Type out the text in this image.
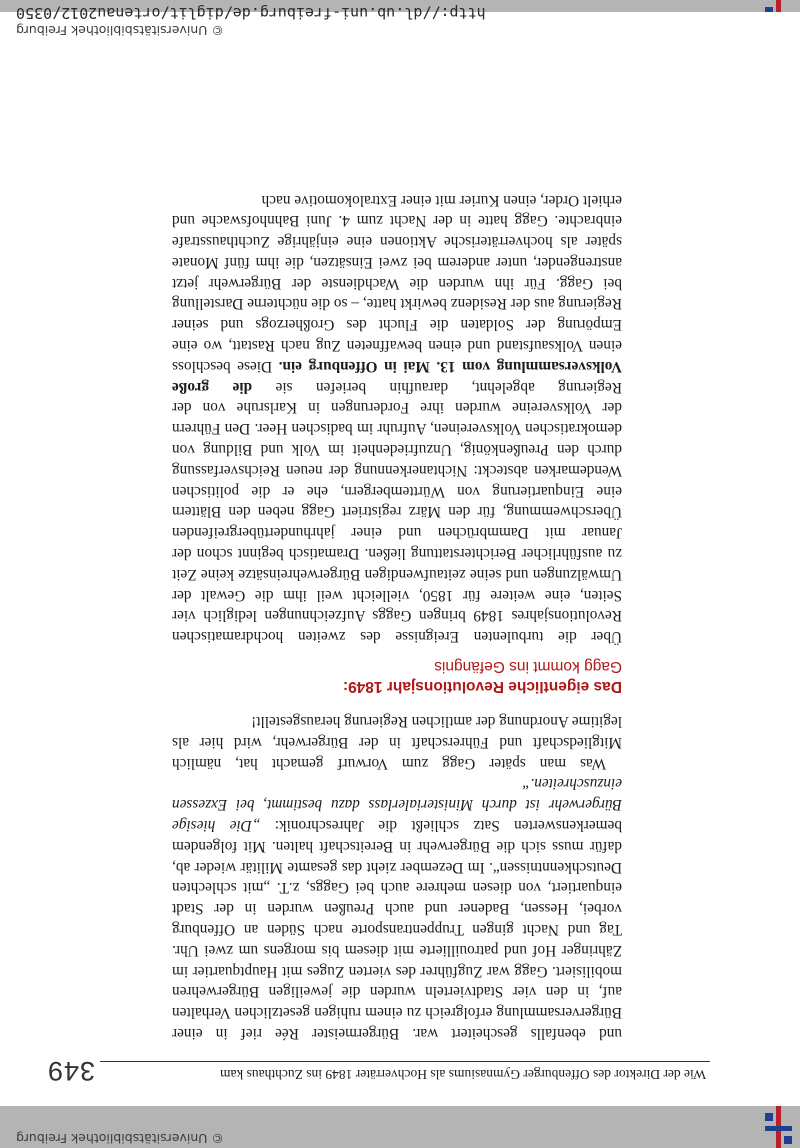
© Universitätsbibliothek Freiburg
Wie der Direktor des Offenburger Gymnasiums als Hochverräter 1849 ins Zuchthaus kam
349

und ebenfalls gescheitert war. Bürgermeister Rée rief in einer Bürgerversammlung erfolgreich zu einem ruhigen gesetzlichen Verhalten auf, in den vier Stadtvierteln wurden die jeweiligen Bürgerwehren mobilisiert. Gagg war Zugführer des vierten Zuges mit Hauptquartier im Zähringer Hof und patrouillierte mit diesem bis morgens um zwei Uhr. Tag und Nacht gingen Truppentransporte nach Süden an Offenburg vorbei, Hessen, Badener und auch Preußen wurden in der Stadt einquartiert, von diesen mehrere auch bei Gaggs, z.T. „mit schlechten Deutschkenntnissen“. Im Dezember zieht das gesamte Militär wieder ab, dafür muss sich die Bürgerwehr in Bereitschaft halten. Mit folgendem bemerkenswerten Satz schließt die Jahreschronik: „Die hiesige Bürgerwehr ist durch Ministerialerlass dazu bestimmt, bei Exzessen einzuschreiten.“

Was man später Gagg zum Vorwurf gemacht hat, nämlich Mitgliedschaft und Führerschaft in der Bürgerwehr, wird hier als legitime Anordnung der amtlichen Regierung herausgestellt!

Das eigentliche Revolutionsjahr 1849:
Gagg kommt ins Gefängnis

Über die turbulenten Ereignisse des zweiten hochdramatischen Revolutionsjahres 1849 bringen Gaggs Aufzeichnungen lediglich vier Seiten, eine weitere für 1850, vielleicht weil ihm die Gewalt der Umwälzungen und seine zeitaufwendigen Bürgerwehreinsätze keine Zeit zu ausführlicher Berichterstattung ließen. Dramatisch beginnt schon der Januar mit Dammbrüchen und einer jahrhundertübergreifenden Überschwemmung, für den März registriert Gagg neben den Blättern eine Einquartierung von Württembergern, ehe er die politischen Wendemarken absteckt: Nichtanerkennung der neuen Reichsverfassung durch den Preußenkönig, Unzufriedenheit im Volk und Bildung von demokratischen Volksvereinen, Aufruhr im badischen Heer. Den Führern der Volksvereine wurden ihre Forderungen in Karlsruhe von der Regierung abgelehnt, daraufhin beriefen sie die große Volksversammlung vom 13. Mai in Offenburg ein. Diese beschloss einen Volksaufstand und einen bewaffneten Zug nach Rastatt, wo eine Empörung der Soldaten die Flucht des Großherzogs und seiner Regierung aus der Residenz bewirkt hatte, – so die nüchterne Darstellung bei Gagg. Für ihn wurden die Wachdienste der Bürgerwehr jetzt anstrengender, unter anderem bei zwei Einsätzen, die ihm fünf Monate später als hochverräterische Aktionen eine einjährige Zuchthausstrafe einbrachte. Gagg hatte in der Nacht zum 4. Juni Bahnhofswache und erhielt Order, einen Kurier mit einer Extralokomotive nach

© Universitätsbibliothek Freiburg
http://dl.ub.uni-freiburg.de/diglit/ortenau2012/0350
